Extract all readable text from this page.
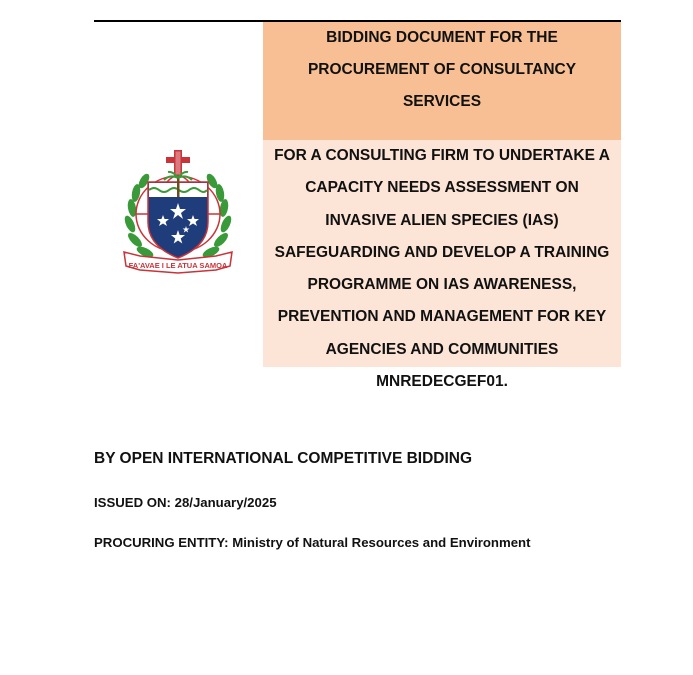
BIDDING DOCUMENT FOR THE
PROCUREMENT OF CONSULTANCY
SERVICES
FOR A CONSULTING FIRM TO UNDERTAKE A
CAPACITY NEEDS ASSESSMENT ON
INVASIVE ALIEN SPECIES (IAS)
SAFEGUARDING AND DEVELOP A TRAINING
PROGRAMME ON IAS AWARENESS,
PREVENTION AND MANAGEMENT FOR KEY
AGENCIES AND COMMUNITIES
MNREDECGEF01.
FA'AVAE I LE ATUA SAMOA
BY OPEN INTERNATIONAL COMPETITIVE BIDDING
ISSUED ON: 28/January/2025
PROCURING ENTITY: Ministry of Natural Resources and Environment
